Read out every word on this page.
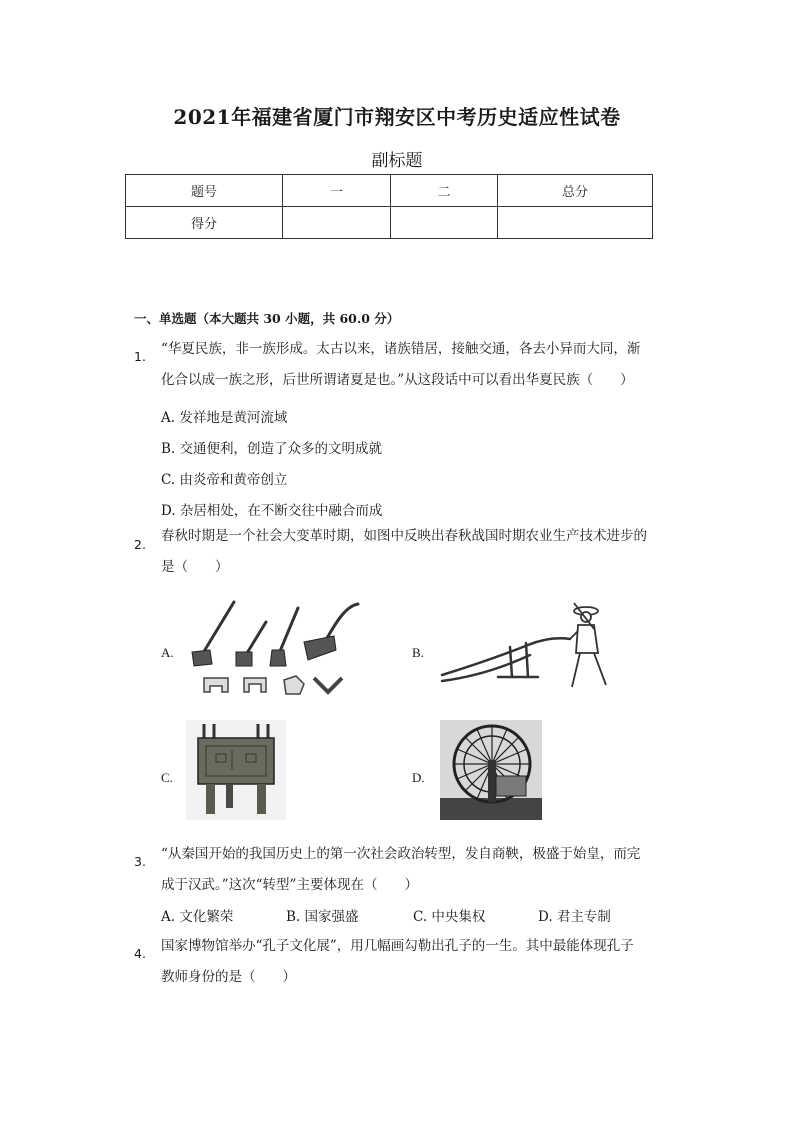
2021年福建省厦门市翔安区中考历史适应性试卷
副标题
题号	一	二	总分
得分			
一、单选题（本大题共 30 小题，共 60.0 分）
1. “华夏民族，非一族形成。太古以来，诸族错居，接触交通，各去小异而大同，渐
化合以成一族之形，后世所谓诸夏是也。”从这段话中可以看出华夏民族（　　）
A. 发祥地是黄河流域
B. 交通便利，创造了众多的文明成就
C. 由炎帝和黄帝创立
D. 杂居相处，在不断交往中融合而成
2.
春秋时期是一个社会大变革时期，如图中反映出春秋战国时期农业生产技术进步的
是（　　）
A.	B.
C.	D.
3. “从秦国开始的我国历史上的第一次社会政治转型，发自商鞅，极盛于始皇，而完
成于汉武。”这次“转型”主要体现在（　　）
A. 文化繁荣	B. 国家强盛	C. 中央集权	D. 君主专制
4. 国家博物馆举办“孔子文化展”，用几幅画勾勒出孔子的一生。其中最能体现孔子
教师身份的是（　　）
